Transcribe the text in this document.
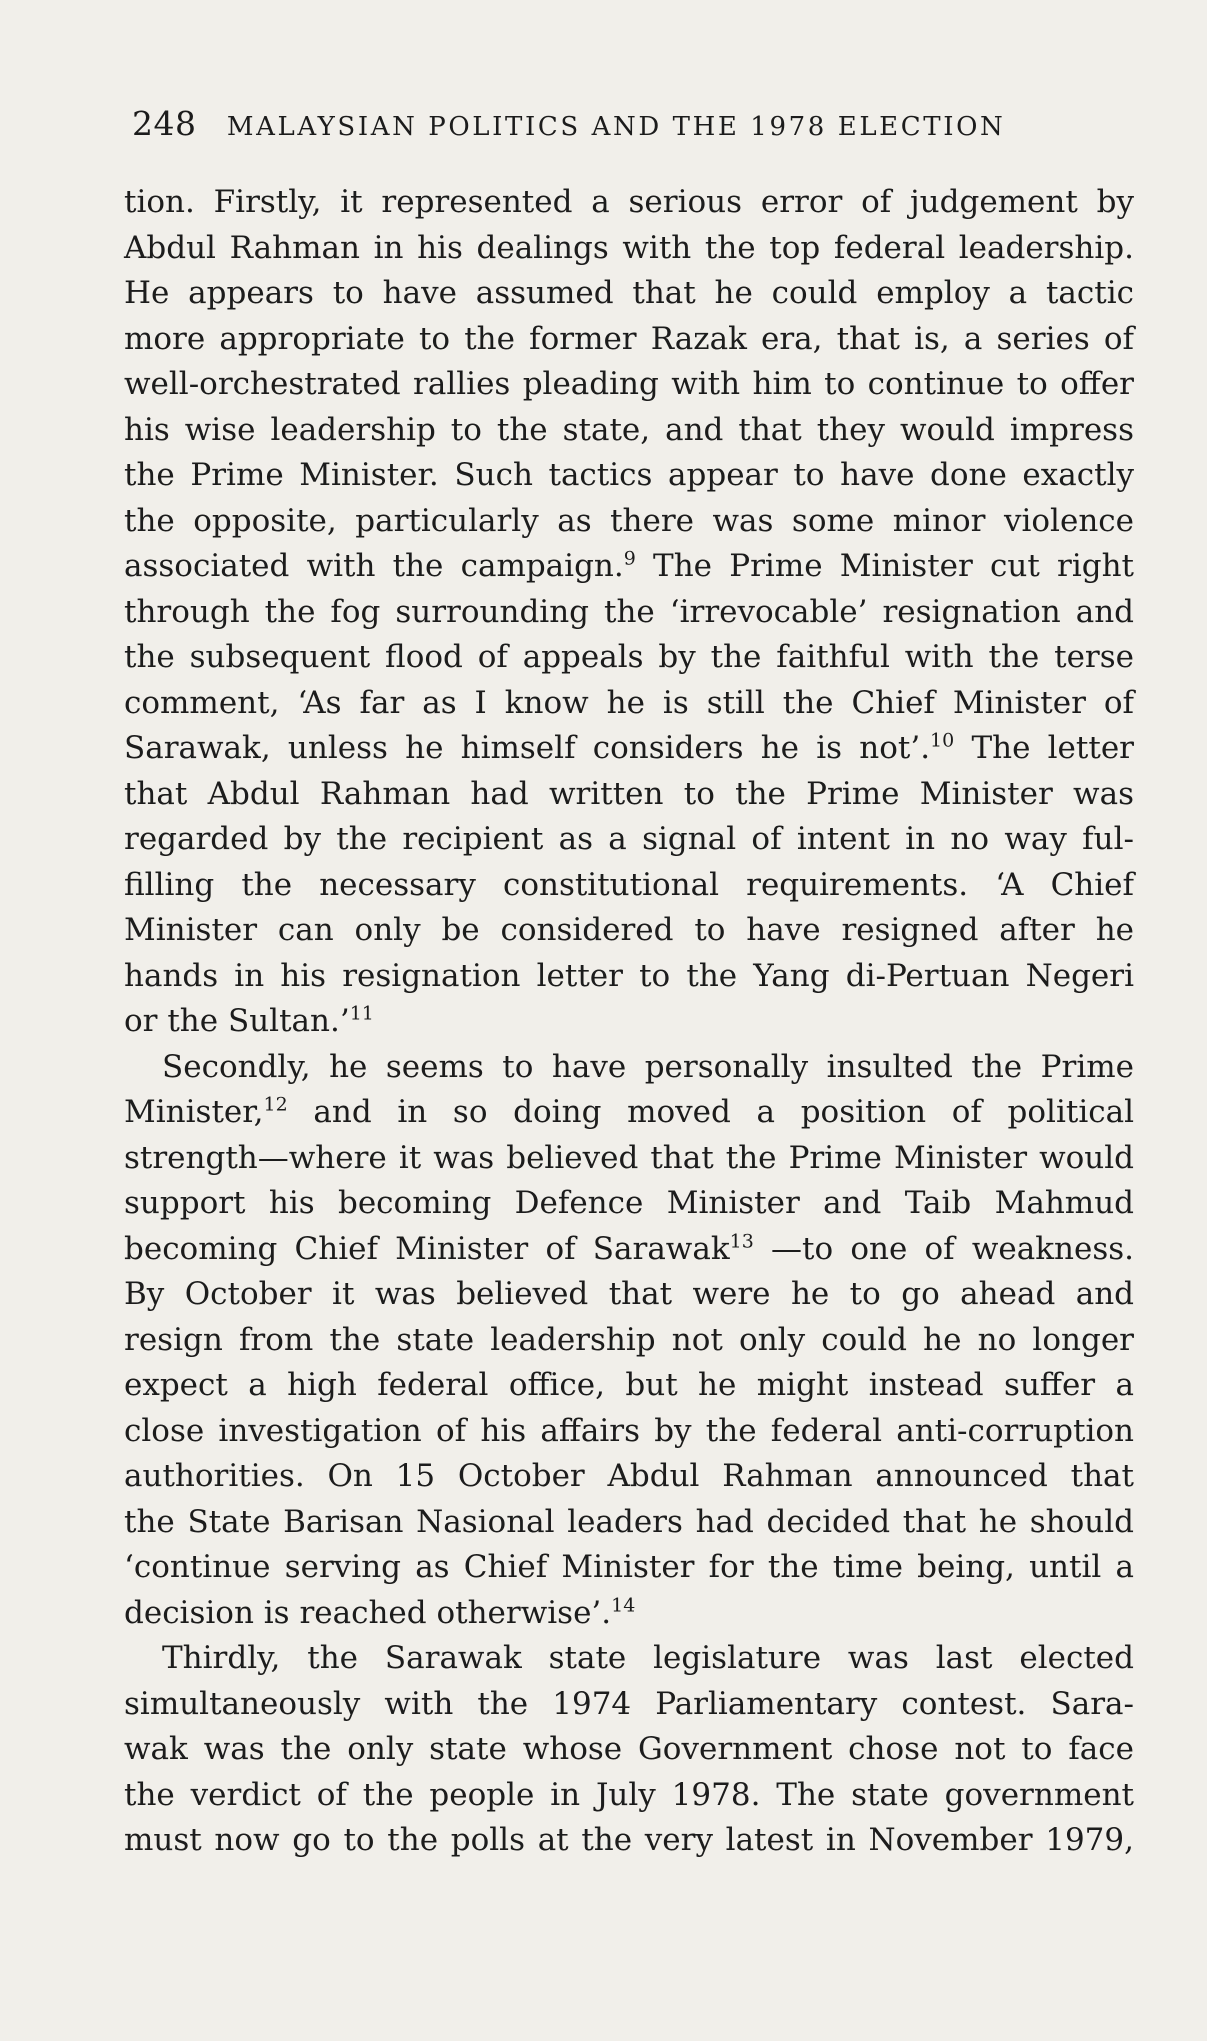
248 MALAYSIAN POLITICS AND THE 1978 ELECTION
tion. Firstly, it represented a serious error of judgement by
Abdul Rahman in his dealings with the top federal leadership.
He appears to have assumed that he could employ a tactic
more appropriate to the former Razak era, that is, a series of
well-orchestrated rallies pleading with him to continue to offer
his wise leadership to the state, and that they would impress
the Prime Minister. Such tactics appear to have done exactly
the opposite, particularly as there was some minor violence
associated with the campaign.$^9$ The Prime Minister cut right
through the fog surrounding the ‘irrevocable’ resignation and
the subsequent flood of appeals by the faithful with the terse
comment, ‘As far as I know he is still the Chief Minister of
Sarawak, unless he himself considers he is not’.$^{10}$ The letter
that Abdul Rahman had written to the Prime Minister was
regarded by the recipient as a signal of intent in no way ful-
filling the necessary constitutional requirements. ‘A Chief
Minister can only be considered to have resigned after he
hands in his resignation letter to the Yang di-Pertuan Negeri
or the Sultan.’$^{11}$
Secondly, he seems to have personally insulted the Prime
Minister,$^{12}$ and in so doing moved a position of political
strength—where it was believed that the Prime Minister would
support his becoming Defence Minister and Taib Mahmud
becoming Chief Minister of Sarawak$^{13}$ —to one of weakness.
By October it was believed that were he to go ahead and
resign from the state leadership not only could he no longer
expect a high federal office, but he might instead suffer a
close investigation of his affairs by the federal anti-corruption
authorities. On 15 October Abdul Rahman announced that
the State Barisan Nasional leaders had decided that he should
‘continue serving as Chief Minister for the time being, until a
decision is reached otherwise’.$^{14}$
Thirdly, the Sarawak state legislature was last elected
simultaneously with the 1974 Parliamentary contest. Sara-
wak was the only state whose Government chose not to face
the verdict of the people in July 1978. The state government
must now go to the polls at the very latest in November 1979,
